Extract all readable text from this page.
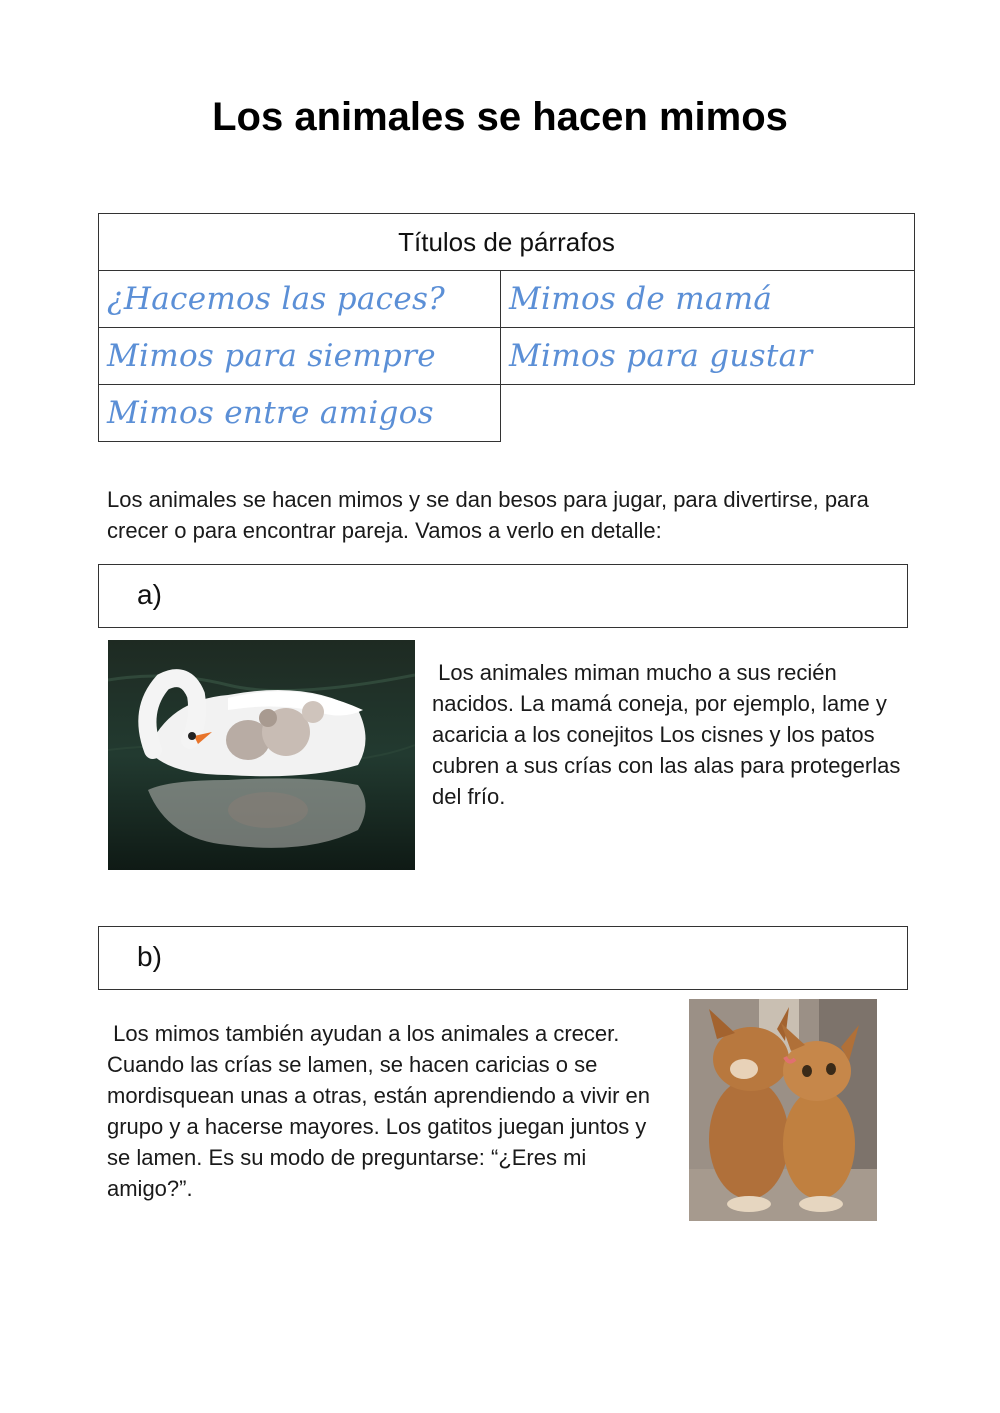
Los animales se hacen mimos
Títulos de párrafos	
¿Hacemos las paces?	Mimos de mamá
Mimos para siempre	Mimos para gustar
Mimos entre amigos	
Los animales se hacen mimos y se dan besos para jugar, para divertirse, para crecer o para encontrar pareja. Vamos a verlo en detalle:
a)
Los animales miman mucho a sus recién nacidos. La mamá coneja, por ejemplo, lame y acaricia a los conejitos Los cisnes y los patos cubren a sus crías con las alas para protegerlas del frío.
b)
Los mimos también ayudan a los animales a crecer. Cuando las crías se lamen, se hacen caricias o se mordisquean unas a otras, están aprendiendo a vivir en grupo y a hacerse mayores. Los gatitos juegan juntos y se lamen. Es su modo de preguntarse: “¿Eres mi amigo?”.
